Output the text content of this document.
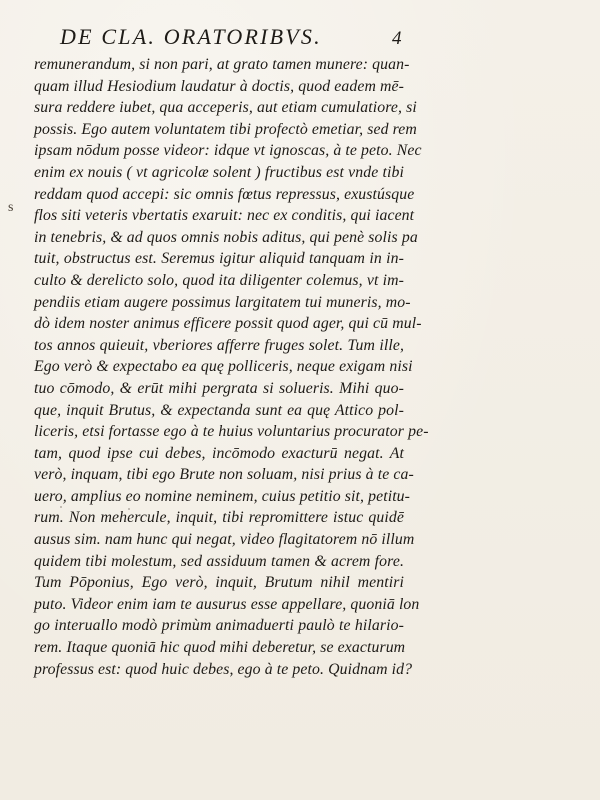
DE CLA. ORATORIBVS.	4
s
remunerandum, si non pari, at grato tamen munere: quan-
quam illud Hesiodium laudatur à doctis, quod eadem mē-
sura reddere iubet, qua acceperis, aut etiam cumulatiore, si
possis. Ego autem voluntatem tibi profectò emetiar, sed rem
ipsam nōdum posse videor: idque vt ignoscas, à te peto. Nec
enim ex nouis ( vt agricolæ solent ) fructibus est vnde tibi
reddam quod accepi: sic omnis fœtus repressus, exustúsque
flos siti veteris vbertatis exaruit: nec ex conditis, qui iacent
in tenebris, & ad quos omnis nobis aditus, qui penè solis pa
tuit, obstructus est. Seremus igitur aliquid tanquam in in-
culto & derelicto solo, quod ita diligenter colemus, vt im-
pendiis etiam augere possimus largitatem tui muneris, mo-
dò idem noster animus efficere possit quod ager, qui cū mul-
tos annos quieuit, vberiores afferre fruges solet. Tum ille,
Ego verò & expectabo ea quę polliceris, neque exigam nisi
tuo cōmodo, & erūt mihi pergrata si solueris. Mihi quo-
que, inquit Brutus, & expectanda sunt ea quę Attico pol-
liceris, etsi fortasse ego à te huius voluntarius procurator pe-
tam, quod ipse cui debes, incōmodo exacturū negat. At
verò, inquam, tibi ego Brute non soluam, nisi prius à te ca-
uero, amplius eo nomine neminem, cuius petitio sit, petitu-
rum. Non mehercule, inquit, tibi repromittere istuc quidē
ausus sim. nam hunc qui negat, video flagitatorem nō illum
quidem tibi molestum, sed assiduum tamen & acrem fore.
Tum Pōponius, Ego verò, inquit, Brutum nihil mentiri
puto. Videor enim iam te ausurus esse appellare, quoniā lon
go interuallo modò primùm animaduerti paulò te hilario-
rem. Itaque quoniā hic quod mihi deberetur, se exacturum
professus est: quod huic debes, ego à te peto. Quidnam id?
